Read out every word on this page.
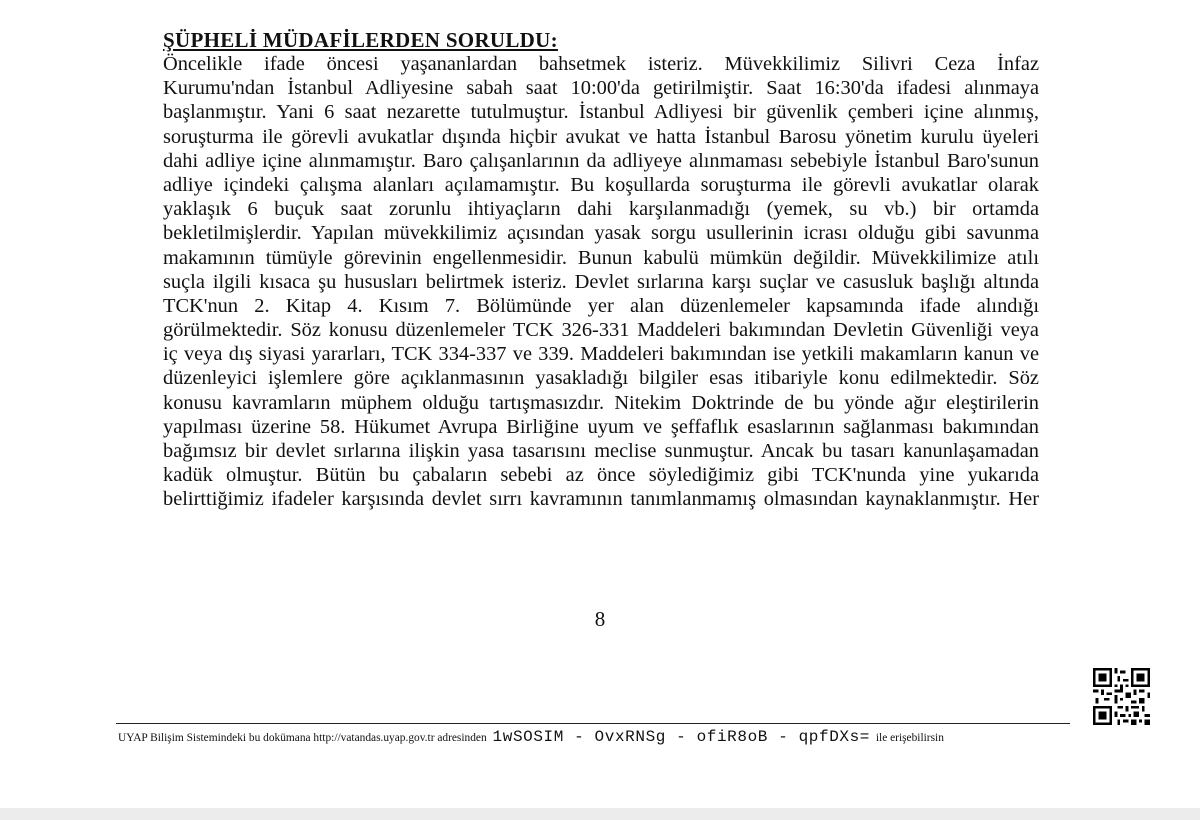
ŞÜPHELİ MÜDAFİLERDEN SORULDU:
Öncelikle ifade öncesi yaşananlardan bahsetmek isteriz. Müvekkilimiz Silivri Ceza İnfaz
Kurumu'ndan İstanbul Adliyesine sabah saat 10:00'da getirilmiştir. Saat 16:30'da ifadesi alınmaya
başlanmıştır. Yani 6 saat nezarette tutulmuştur. İstanbul Adliyesi bir güvenlik çemberi içine alınmış,
soruşturma ile görevli avukatlar dışında hiçbir avukat ve hatta İstanbul Barosu yönetim kurulu üyeleri
dahi adliye içine alınmamıştır. Baro çalışanlarının da adliyeye alınmaması sebebiyle İstanbul Baro'sunun
adliye içindeki çalışma alanları açılamamıştır. Bu koşullarda soruşturma ile görevli avukatlar olarak
yaklaşık 6 buçuk saat zorunlu ihtiyaçların dahi karşılanmadığı (yemek, su vb.) bir ortamda
bekletilmişlerdir. Yapılan müvekkilimiz açısından yasak sorgu usullerinin icrası olduğu gibi savunma
makamının tümüyle görevinin engellenmesidir. Bunun kabulü mümkün değildir. Müvekkilimize atılı
suçla ilgili kısaca şu hususları belirtmek isteriz. Devlet sırlarına karşı suçlar ve casusluk başlığı altında
TCK'nun 2. Kitap 4. Kısım 7. Bölümünde yer alan düzenlemeler kapsamında ifade alındığı
görülmektedir. Söz konusu düzenlemeler TCK 326-331 Maddeleri bakımından Devletin Güvenliği veya
iç veya dış siyasi yararları, TCK 334-337 ve 339. Maddeleri bakımından ise yetkili makamların kanun ve
düzenleyici işlemlere göre açıklanmasının yasakladığı bilgiler esas itibariyle konu edilmektedir. Söz
konusu kavramların müphem olduğu tartışmasızdır. Nitekim Doktrinde de bu yönde ağır eleştirilerin
yapılması üzerine 58. Hükumet Avrupa Birliğine uyum ve şeffaflık esaslarının sağlanması bakımından
bağımsız bir devlet sırlarına ilişkin yasa tasarısını meclise sunmuştur. Ancak bu tasarı kanunlaşamadan
kadük olmuştur. Bütün bu çabaların sebebi az önce söylediğimiz gibi TCK'nunda yine yukarıda
belirttiğimiz ifadeler karşısında devlet sırrı kavramının tanımlanmamış olmasından kaynaklanmıştır. Her
8
UYAP Bilişim Sistemindeki bu dokümana http://vatandas.uyap.gov.tr adresinden 1wSOSIM - OvxRNSg - ofiR8oB - qpfDXs= ile erişebilirsin
